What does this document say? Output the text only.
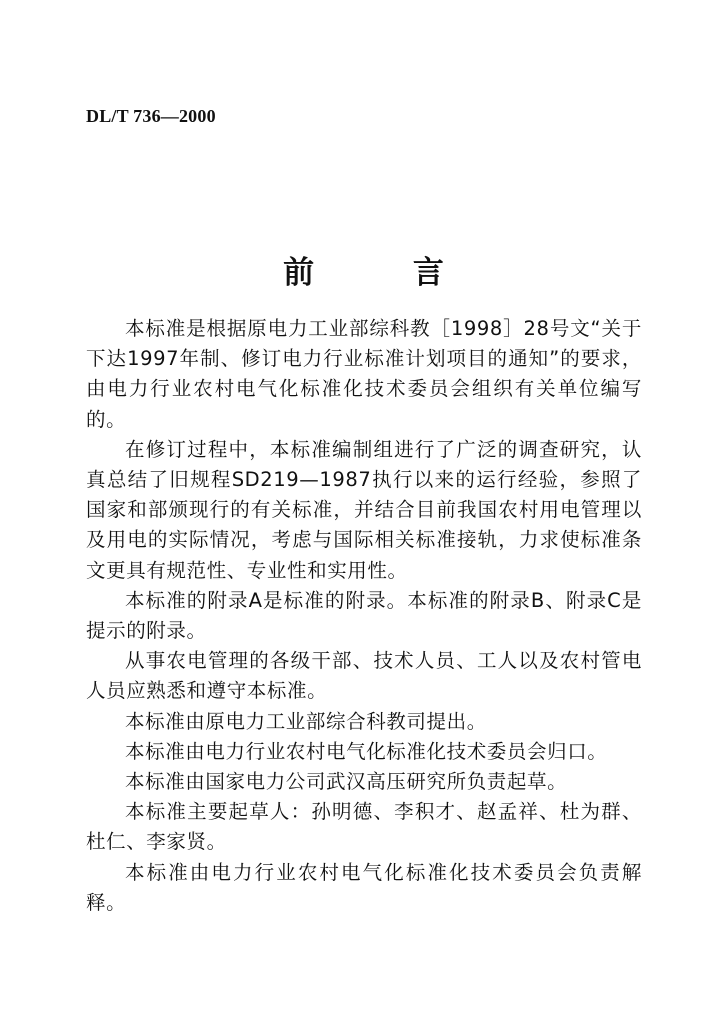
DL/T 736—2000
前 言

本标准是根据原电力工业部综科教［1998］28号文“关于下达1997年制、修订电力行业标准计划项目的通知”的要求，由电力行业农村电气化标准化技术委员会组织有关单位编写的。

在修订过程中，本标准编制组进行了广泛的调查研究，认真总结了旧规程SD219—1987执行以来的运行经验，参照了国家和部颁现行的有关标准，并结合目前我国农村用电管理以及用电的实际情况，考虑与国际相关标准接轨，力求使标准条文更具有规范性、专业性和实用性。

本标准的附录A是标准的附录。本标准的附录B、附录C是提示的附录。

从事农电管理的各级干部、技术人员、工人以及农村管电人员应熟悉和遵守本标准。

本标准由原电力工业部综合科教司提出。

本标准由电力行业农村电气化标准化技术委员会归口。

本标准由国家电力公司武汉高压研究所负责起草。

本标准主要起草人：孙明德、李积才、赵孟祥、杜为群、杜仁、李家贤。

本标准由电力行业农村电气化标准化技术委员会负责解释。
